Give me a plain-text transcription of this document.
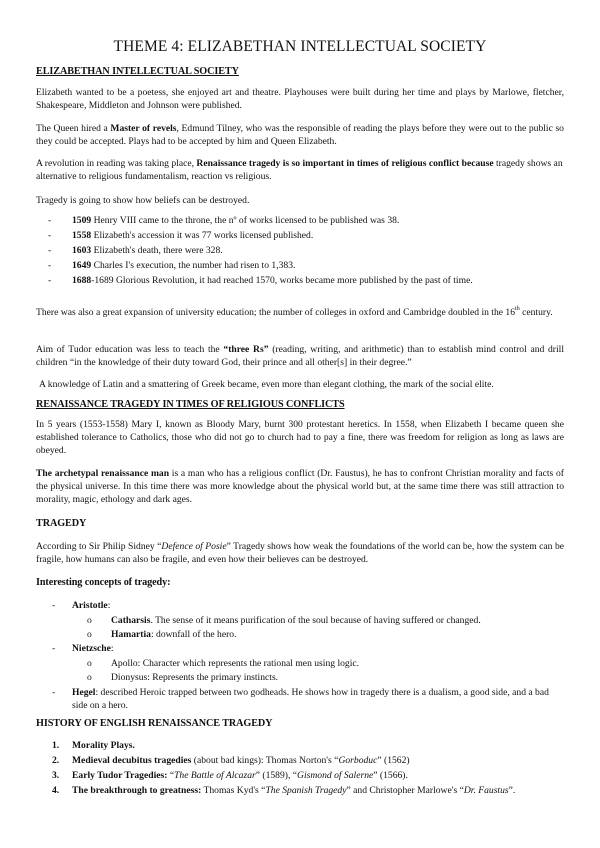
THEME 4: ELIZABETHAN INTELLECTUAL SOCIETY
ELIZABETHAN INTELLECTUAL SOCIETY
Elizabeth wanted to be a poetess, she enjoyed art and theatre. Playhouses were built during her time and plays by Marlowe, fletcher, Shakespeare, Middleton and Johnson were published.
The Queen hired a Master of revels, Edmund Tilney, who was the responsible of reading the plays before they were out to the public so they could be accepted. Plays had to be accepted by him and Queen Elizabeth.
A revolution in reading was taking place, Renaissance tragedy is so important in times of religious conflict because tragedy shows an alternative to religious fundamentalism, reaction vs religious.
Tragedy is going to show how beliefs can be destroyed.
- 1509 Henry VIII came to the throne, the nº of works licensed to be published was 38.
- 1558 Elizabeth's accession it was 77 works licensed published.
- 1603 Elizabeth's death, there were 328.
- 1649 Charles I's execution, the number had risen to 1,383.
- 1688-1689 Glorious Revolution, it had reached 1570, works became more published by the past of time.
There was also a great expansion of university education; the number of colleges in oxford and Cambridge doubled in the 16th century.
Aim of Tudor education was less to teach the “three Rs” (reading, writing, and arithmetic) than to establish mind control and drill children “in the knowledge of their duty toward God, their prince and all other[s] in their degree.”
A knowledge of Latin and a smattering of Greek became, even more than elegant clothing, the mark of the social elite.
RENAISSANCE TRAGEDY IN TIMES OF RELIGIOUS CONFLICTS
In 5 years (1553-1558) Mary I, known as Bloody Mary, burnt 300 protestant heretics. In 1558, when Elizabeth I became queen she established tolerance to Catholics, those who did not go to church had to pay a fine, there was freedom for religion as long as laws are obeyed.
The archetypal renaissance man is a man who has a religious conflict (Dr. Faustus), he has to confront Christian morality and facts of the physical universe. In this time there was more knowledge about the physical world but, at the same time there was still attraction to morality, magic, ethology and dark ages.
TRAGEDY
According to Sir Philip Sidney “Defence of Posie” Tragedy shows how weak the foundations of the world can be, how the system can be fragile, how humans can also be fragile, and even how their believes can be destroyed.
Interesting concepts of tragedy:
- Aristotle:
o Catharsis. The sense of it means purification of the soul because of having suffered or changed.
o Hamartia: downfall of the hero.
- Nietzsche:
o Apollo: Character which represents the rational men using logic.
o Dionysus: Represents the primary instincts.
- Hegel: described Heroic trapped between two godheads. He shows how in tragedy there is a dualism, a good side, and a bad side on a hero.
HISTORY OF ENGLISH RENAISSANCE TRAGEDY
1. Morality Plays.
2. Medieval decubitus tragedies (about bad kings): Thomas Norton's “Gorboduc” (1562)
3. Early Tudor Tragedies: “The Battle of Alcazar” (1589), “Gismond of Salerne” (1566).
4. The breakthrough to greatness: Thomas Kyd's “The Spanish Tragedy” and Christopher Marlowe's “Dr. Faustus”.
